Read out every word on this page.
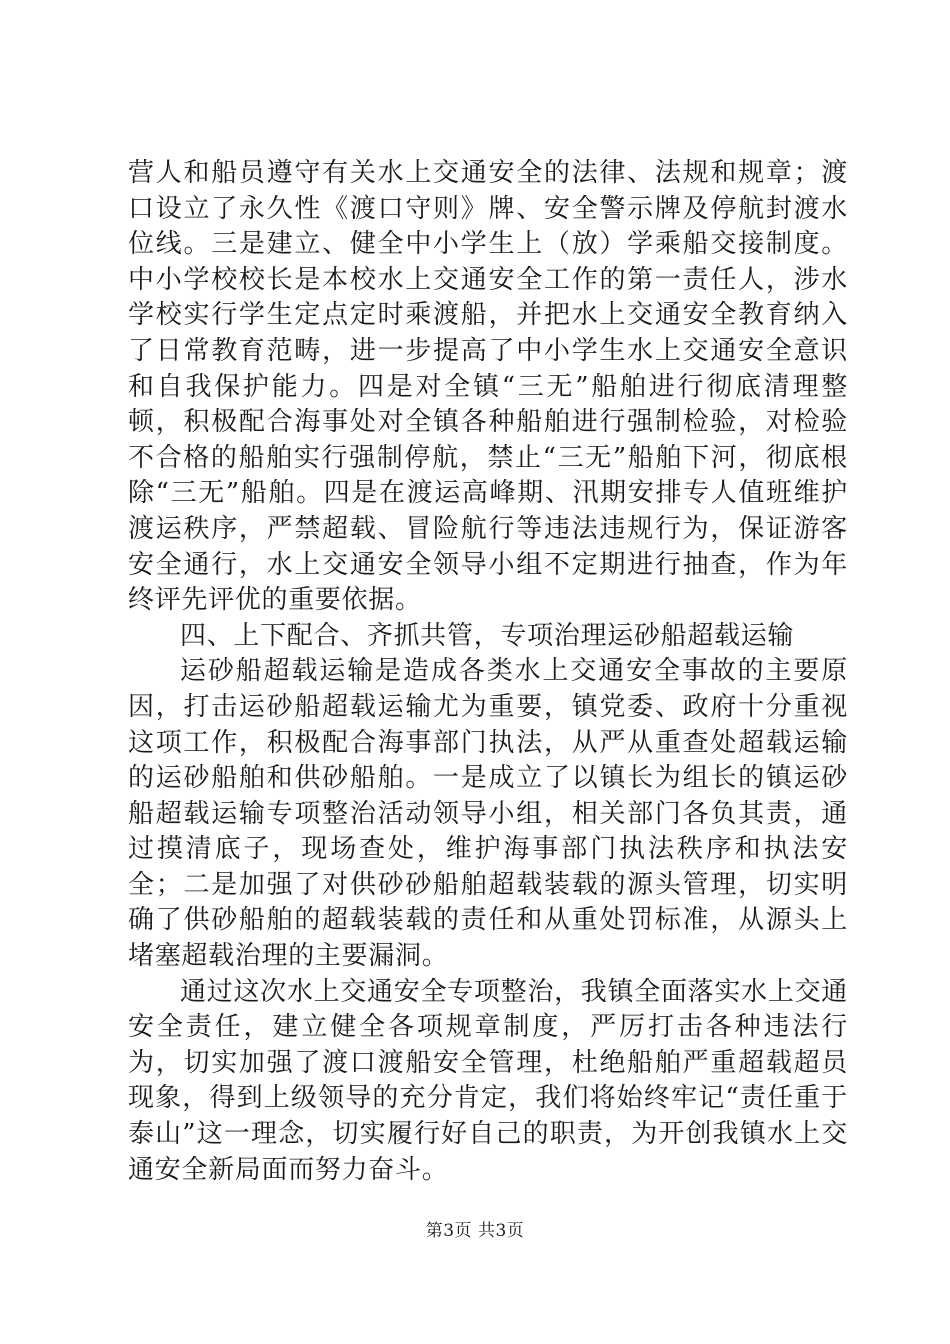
营人和船员遵守有关水上交通安全的法律、法规和规章；渡口设立了永久性《渡口守则》牌、安全警示牌及停航封渡水位线。三是建立、健全中小学生上（放）学乘船交接制度。中小学校校长是本校水上交通安全工作的第一责任人，涉水学校实行学生定点定时乘渡船，并把水上交通安全教育纳入了日常教育范畴，进一步提高了中小学生水上交通安全意识和自我保护能力。四是对全镇“三无”船舶进行彻底清理整顿，积极配合海事处对全镇各种船舶进行强制检验，对检验不合格的船舶实行强制停航，禁止“三无”船舶下河，彻底根除“三无”船舶。四是在渡运高峰期、汛期安排专人值班维护渡运秩序，严禁超载、冒险航行等违法违规行为，保证游客安全通行，水上交通安全领导小组不定期进行抽查，作为年终评先评优的重要依据。

四、上下配合、齐抓共管，专项治理运砂船超载运输

运砂船超载运输是造成各类水上交通安全事故的主要原因，打击运砂船超载运输尤为重要，镇党委、政府十分重视这项工作，积极配合海事部门执法，从严从重查处超载运输的运砂船舶和供砂船舶。一是成立了以镇长为组长的镇运砂船超载运输专项整治活动领导小组，相关部门各负其责，通过摸清底子，现场查处，维护海事部门执法秩序和执法安全；二是加强了对供砂砂船舶超载装载的源头管理，切实明确了供砂船舶的超载装载的责任和从重处罚标准，从源头上堵塞超载治理的主要漏洞。

通过这次水上交通安全专项整治，我镇全面落实水上交通安全责任，建立健全各项规章制度，严厉打击各种违法行为，切实加强了渡口渡船安全管理，杜绝船舶严重超载超员现象，得到上级领导的充分肯定，我们将始终牢记“责任重于泰山”这一理念，切实履行好自己的职责，为开创我镇水上交通安全新局面而努力奋斗。

第3页 共3页
